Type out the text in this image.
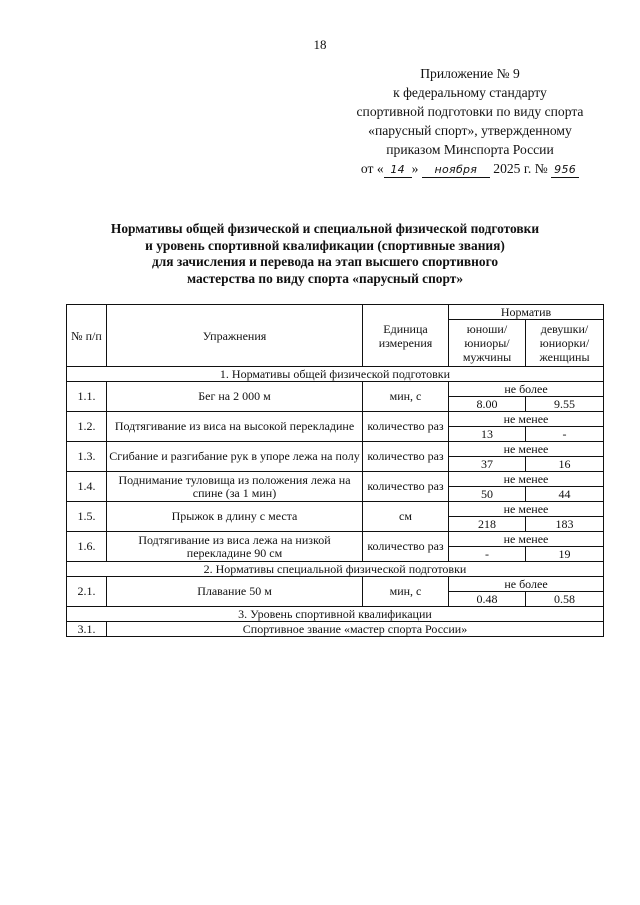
18
Приложение № 9
к федеральному стандарту
спортивной подготовки по виду спорта
«парусный спорт», утвержденному
приказом Минспорта России
от « 14 » ноября 2025 г. № 956
Нормативы общей физической и специальной физической подготовки
и уровень спортивной квалификации (спортивные звания)
для зачисления и перевода на этап высшего спортивного
мастерства по виду спорта «парусный спорт»
№ п/п	Упражнения	Единица измерения	Норматив	
			юноши/ юниоры/ мужчины	девушки/ юниорки/ женщины
1. Нормативы общей физической подготовки				
1.1.	Бег на 2 000 м	мин, с	не более	
			8.00	9.55
1.2.	Подтягивание из виса на высокой перекладине	количество раз	не менее	
			13	-
1.3.	Сгибание и разгибание рук в упоре лежа на полу	количество раз	не менее	
			37	16
1.4.	Поднимание туловища из положения лежа на спине (за 1 мин)	количество раз	не менее	
			50	44
1.5.	Прыжок в длину с места	см	не менее	
			218	183
1.6.	Подтягивание из виса лежа на низкой перекладине 90 см	количество раз	не менее	
			-	19
2. Нормативы специальной физической подготовки				
2.1.	Плавание 50 м	мин, с	не более	
			0.48	0.58
3. Уровень спортивной квалификации				
3.1.	Спортивное звание «мастер спорта России»			
